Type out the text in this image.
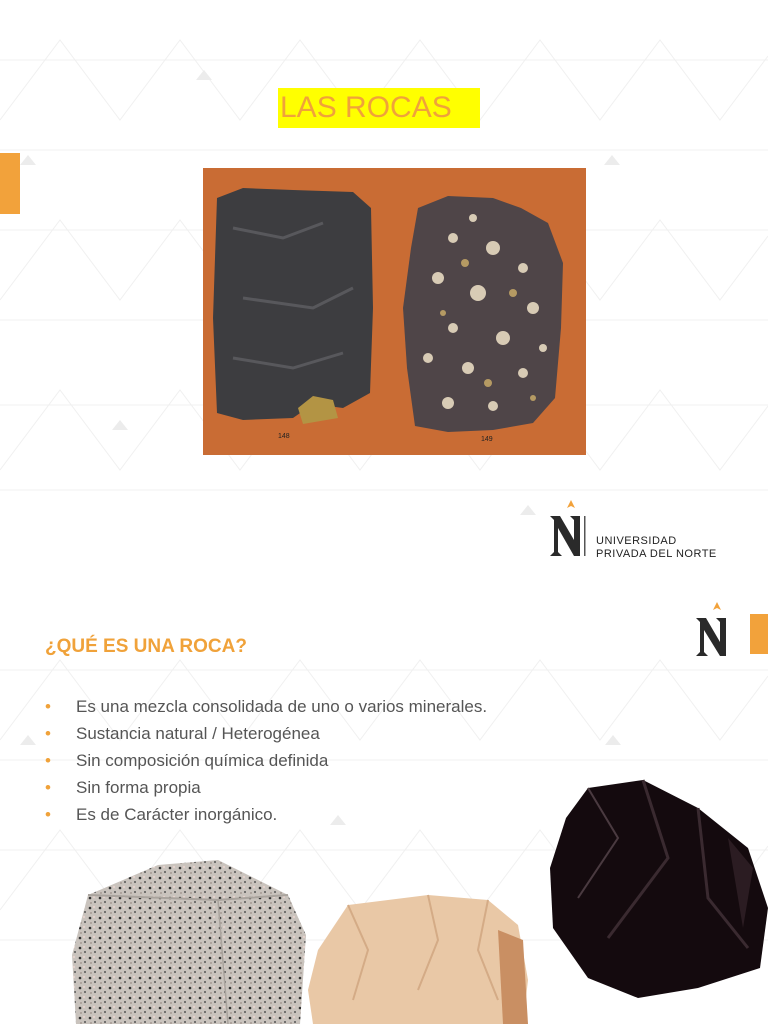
LAS ROCAS
148	149
UNIVERSIDAD
PRIVADA DEL NORTE
¿QUÉ ES UNA ROCA?
• Es una mezcla consolidada de uno o varios minerales.
• Sustancia natural / Heterogénea
• Sin composición química definida
• Sin forma propia
• Es de Carácter inorgánico.
